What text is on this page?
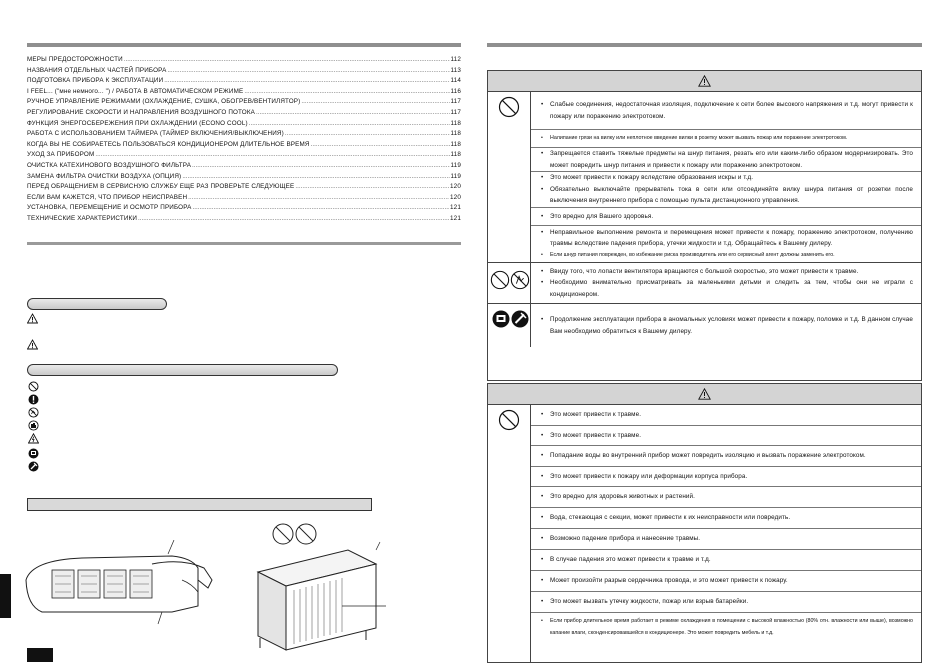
МЕРЫ ПРЕДОСТОРОЖНОСТИ .....	112
НАЗВАНИЯ ОТДЕЛЬНЫХ ЧАСТЕЙ ПРИБОРА .....	113
ПОДГОТОВКА ПРИБОРА К ЭКСПЛУАТАЦИИ .....	114
I FEEL... ("мне немного... ") / РАБОТА В АВТОМАТИЧЕСКОМ РЕЖИМЕ .....	116
РУЧНОЕ УПРАВЛЕНИЕ РЕЖИМАМИ (ОХЛАЖДЕНИЕ, СУШКА, ОБОГРЕВ/ВЕНТИЛЯТОР) .....	117
РЕГУЛИРОВАНИЕ СКОРОСТИ И НАПРАВЛЕНИЯ ВОЗДУШНОГО ПОТОКА .....	117
ФУНКЦИЯ ЭНЕРГОСБЕРЕЖЕНИЯ ПРИ ОХЛАЖДЕНИИ (ECONO COOL) .....	118
РАБОТА С ИСПОЛЬЗОВАНИЕМ ТАЙМЕРА (ТАЙМЕР ВКЛЮЧЕНИЯ/ВЫКЛЮЧЕНИЯ) .....	118
КОГДА ВЫ НЕ СОБИРАЕТЕСЬ ПОЛЬЗОВАТЬСЯ КОНДИЦИОНЕРОМ ДЛИТЕЛЬНОЕ ВРЕМЯ .....	118
УХОД ЗА ПРИБОРОМ .....	118
ОЧИСТКА КАТЕХИНОВОГО ВОЗДУШНОГО ФИЛЬТРА .....	119
ЗАМЕНА ФИЛЬТРА ОЧИСТКИ ВОЗДУХА (ОПЦИЯ) .....	119
ПЕРЕД ОБРАЩЕНИЕМ В СЕРВИСНУЮ СЛУЖБУ ЕЩЕ РАЗ ПРОВЕРЬТЕ СЛЕДУЮЩЕЕ .....	120
ЕСЛИ ВАМ КАЖЕТСЯ, ЧТО ПРИБОР НЕИСПРАВЕН .....	120
УСТАНОВКА, ПЕРЕМЕЩЕНИЕ И ОСМОТР ПРИБОРА .....	121
ТЕХНИЧЕСКИЕ ХАРАКТЕРИСТИКИ .....	121
• Слабые соединения, недостаточная изоляция, подключение к сети более высокого напряжения и т.д. могут привести к пожару или поражению электротоком.
• Налипание грязи на вилку или неплотное введение вилки в розетку может вызвать пожар или поражение электротоком.
• Запрещается ставить тяжелые предметы на шнур питания, резать его или каким-либо образом модернизировать. Это может повредить шнур питания и привести к пожару или поражению электротоком.
• Это может привести к пожару вследствие образования искры и т.д.
• Обязательно выключайте прерыватель тока в сети или отсоединяйте вилку шнура питания от розетки после выключения внутреннего прибора с помощью пульта дистанционного управления.
• Это вредно для Вашего здоровья.
• Неправильное выполнение ремонта и перемещения может привести к пожару, поражению электротоком, получению травмы вследствие падения прибора, утечки жидкости и т.д. Обращайтесь к Вашему дилеру.
• Если шнур питания поврежден, во избежание риска производитель или его сервисный агент должны заменить его.
• Ввиду того, что лопасти вентилятора вращаются с большой скоростью, это может привести к травме.
• Необходимо внимательно присматривать за маленькими детьми и следить за тем, чтобы они не играли с кондиционером.
• Продолжение эксплуатации прибора в аномальных условиях может привести к пожару, поломке и т.д. В данном случае Вам необходимо обратиться к Вашему дилеру.
• Это может привести к травме.
• Это может привести к травме.
• Попадание воды во внутренний прибор может повредить изоляцию и вызвать поражение электротоком.
• Это может привести к пожару или деформации корпуса прибора.
• Это вредно для здоровья животных и растений.
• Вода, стекающая с секции, может привести к их неисправности или повредить.
• Возможно падение прибора и нанесение травмы.
• В случае падения это может привести к травме и т.д.
• Может произойти разрыв сердечника провода, и это может привести к пожару.
• Это может вызвать утечку жидкости, пожар или взрыв батарейки.
• Если прибор длительное время работает в режиме охлаждения в помещении с высокой влажностью (80% отн. влажности или выше), возможно капание влаги, сконденсировавшейся в кондиционере. Это может повредить мебель и т.д.
